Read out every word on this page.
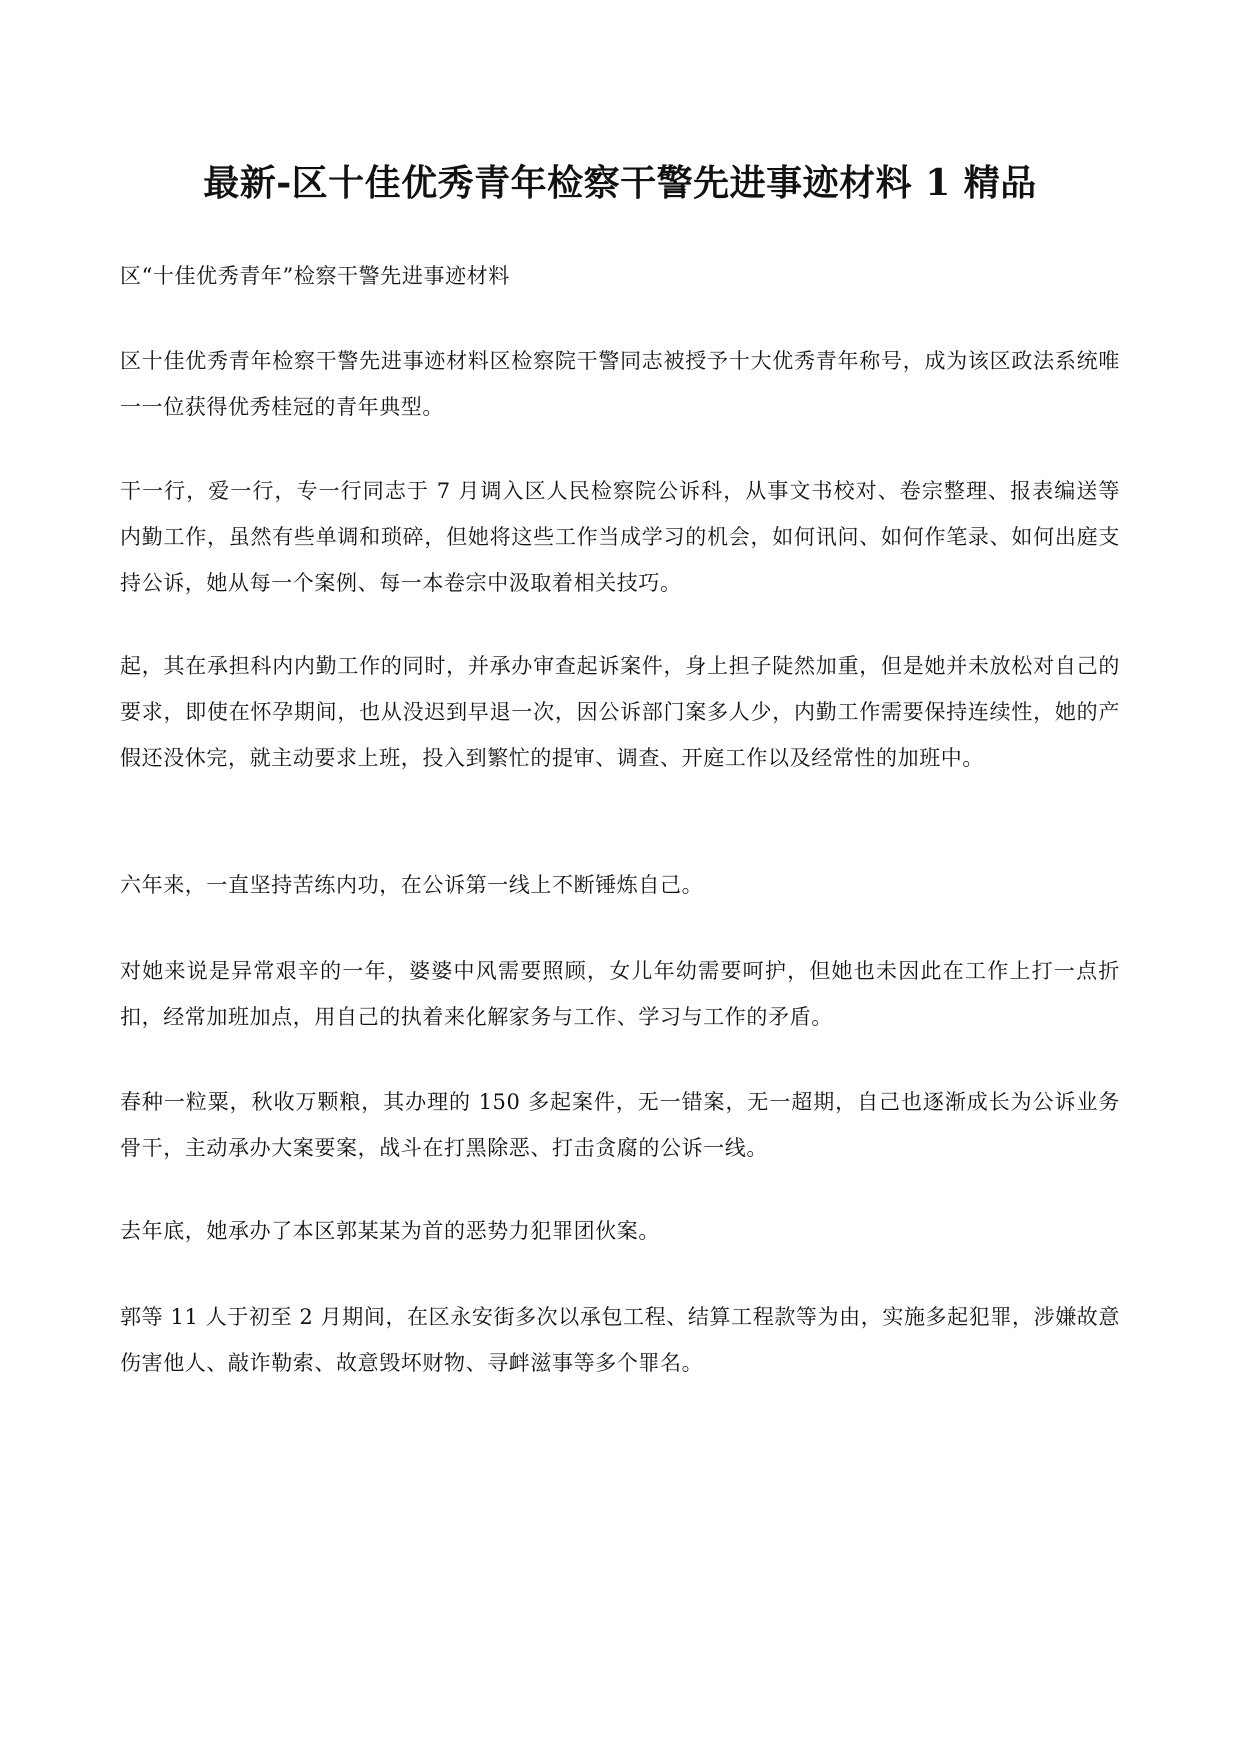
最新-区十佳优秀青年检察干警先进事迹材料 1 精品

区“十佳优秀青年”检察干警先进事迹材料

区十佳优秀青年检察干警先进事迹材料区检察院干警同志被授予十大优秀青年称号，成为该区政法系统唯一一位获得优秀桂冠的青年典型。

干一行，爱一行，专一行同志于 7 月调入区人民检察院公诉科，从事文书校对、卷宗整理、报表编送等内勤工作，虽然有些单调和琐碎，但她将这些工作当成学习的机会，如何讯问、如何作笔录、如何出庭支持公诉，她从每一个案例、每一本卷宗中汲取着相关技巧。

起，其在承担科内内勤工作的同时，并承办审查起诉案件，身上担子陡然加重，但是她并未放松对自己的要求，即使在怀孕期间，也从没迟到早退一次，因公诉部门案多人少，内勤工作需要保持连续性，她的产假还没休完，就主动要求上班，投入到繁忙的提审、调查、开庭工作以及经常性的加班中。

六年来，一直坚持苦练内功，在公诉第一线上不断锤炼自己。

对她来说是异常艰辛的一年，婆婆中风需要照顾，女儿年幼需要呵护，但她也未因此在工作上打一点折扣，经常加班加点，用自己的执着来化解家务与工作、学习与工作的矛盾。

春种一粒粟，秋收万颗粮，其办理的 150 多起案件，无一错案，无一超期，自己也逐渐成长为公诉业务骨干，主动承办大案要案，战斗在打黑除恶、打击贪腐的公诉一线。

去年底，她承办了本区郭某某为首的恶势力犯罪团伙案。

郭等 11 人于初至 2 月期间，在区永安街多次以承包工程、结算工程款等为由，实施多起犯罪，涉嫌故意伤害他人、敲诈勒索、故意毁坏财物、寻衅滋事等多个罪名。
